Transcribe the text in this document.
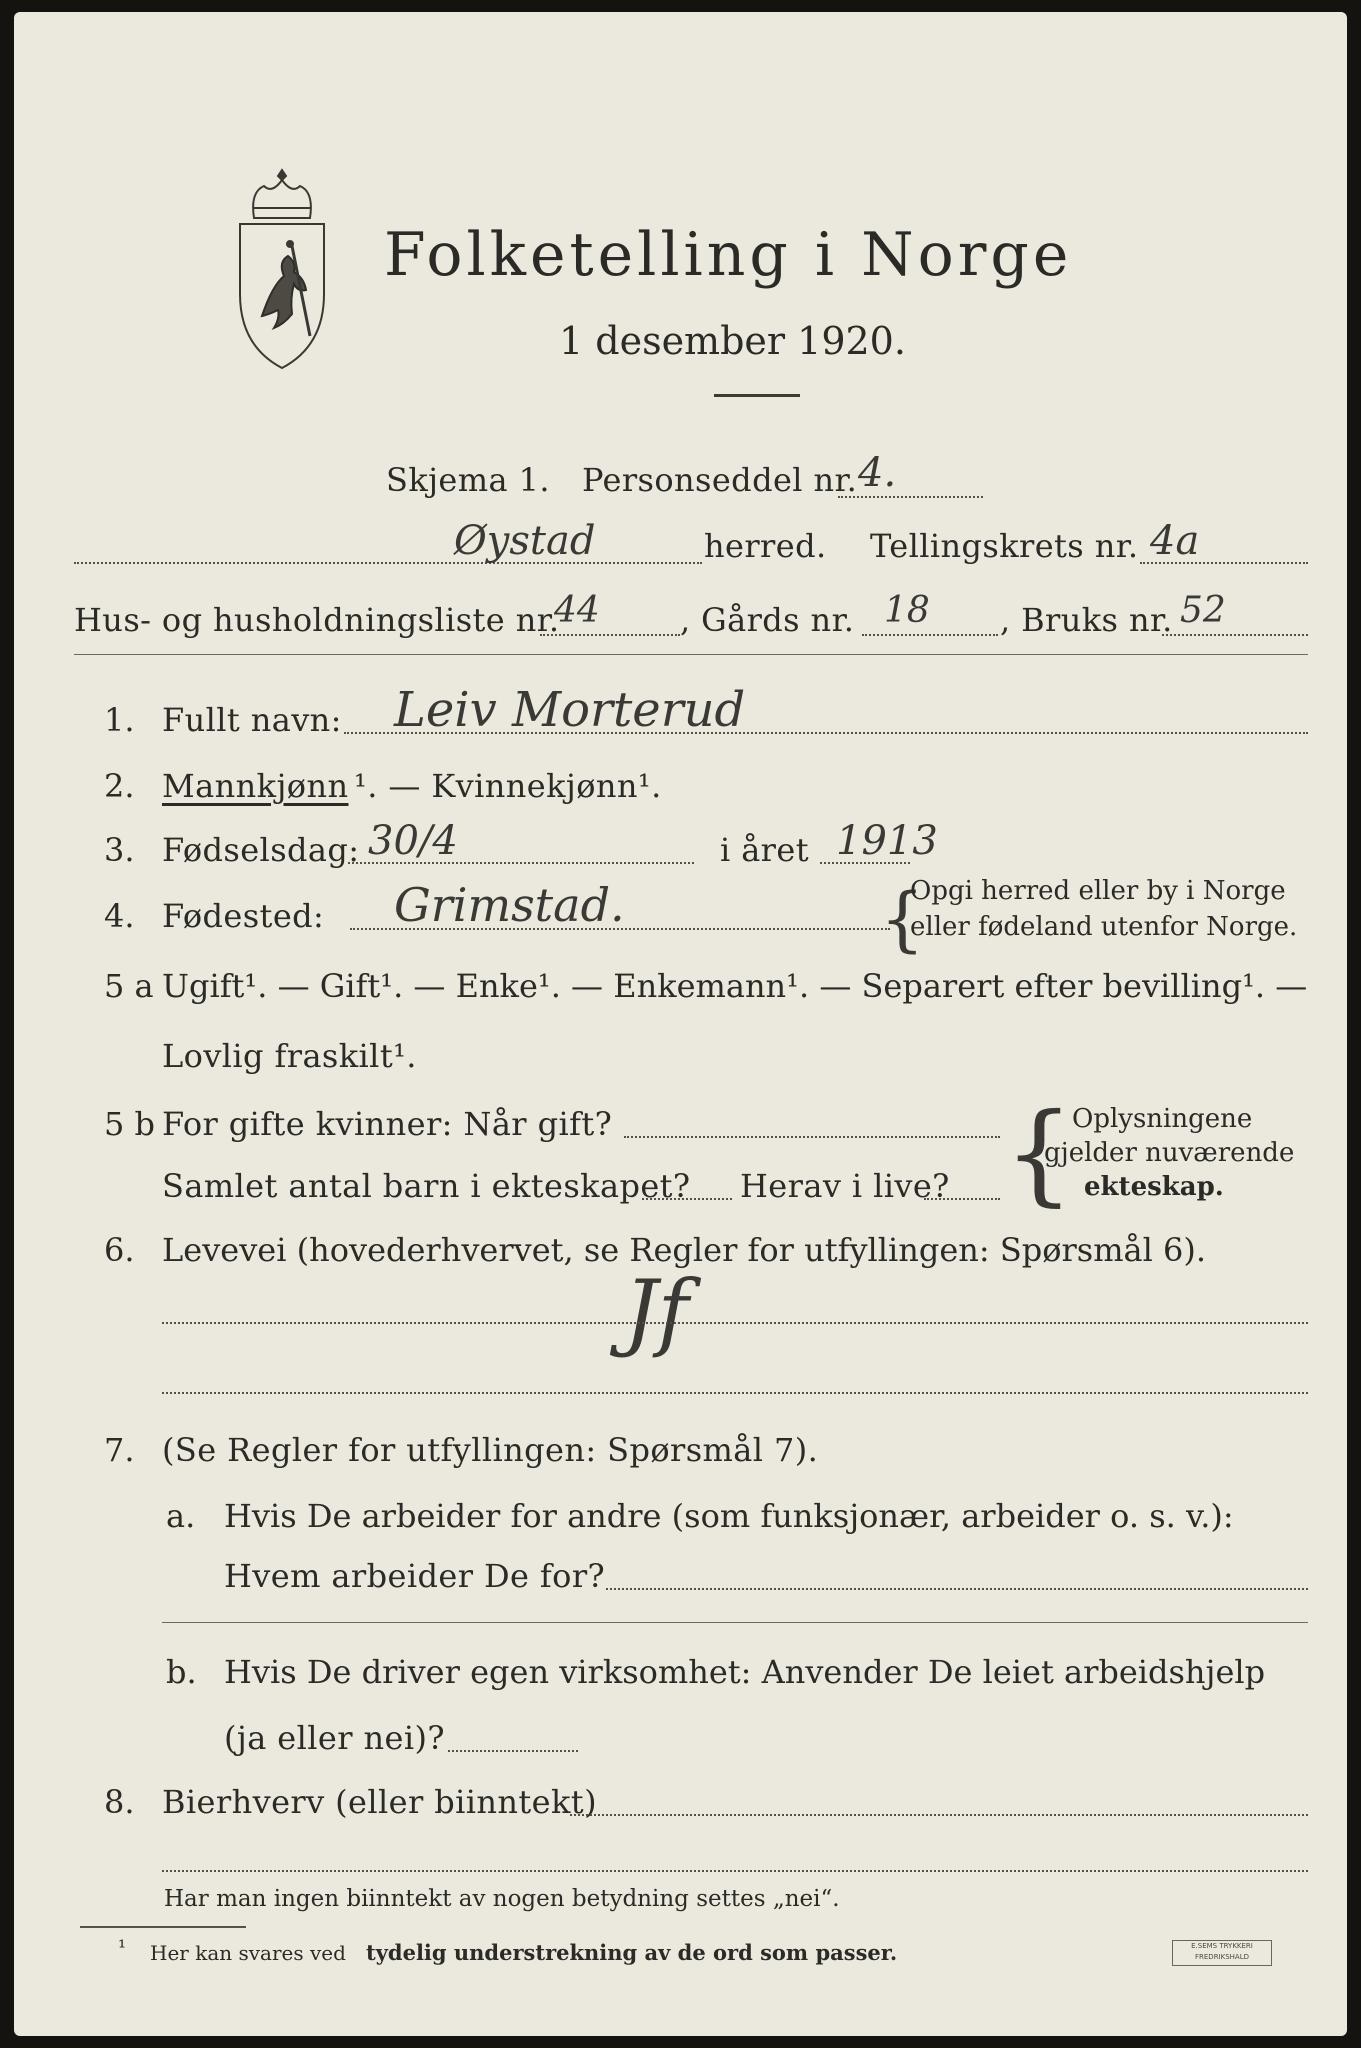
Folketelling i Norge
1 desember 1920.
Skjema 1. Personseddel nr. 4.
Øystad	herred. Tellingskrets nr. 4a
Hus- og husholdningsliste nr.
44	, Gårds nr. 18 , Bruks nr. 52
1. Fullt navn: Leiv Morterud
2. Mannkjønn ¹. — Kvinnekjønn¹.
3. Fødselsdag: 30/4	i året 1913
4. Fødested: Grimstad.	{
Opgi herred eller by i Norge
eller fødeland utenfor Norge.
5 a Ugift¹. — Gift¹. — Enke¹. — Enkemann¹. — Separert efter bevilling¹. —
Lovlig fraskilt¹.
5 b For gifte kvinner: Når gift?
Samlet antal barn i ekteskapet? Herav i live? {
Oplysningene
gjelder nuværende
ekteskap.
6. Levevei (hovederhvervet, se Regler for utfyllingen: Spørsmål 6).
Jf
7. (Se Regler for utfyllingen: Spørsmål 7).
a. Hvis De arbeider for andre (som funksjonær, arbeider o. s. v.):
Hvem arbeider De for?
b. Hvis De driver egen virksomhet: Anvender De leiet arbeidshjelp
(ja eller nei)?
8. Bierhverv (eller biinntekt)
Har man ingen biinntekt av nogen betydning settes „nei“.
¹ Her kan svares ved tydelig understrekning av de ord som passer.	E.SEMS TRYKKERI
FREDRIKSHALD
